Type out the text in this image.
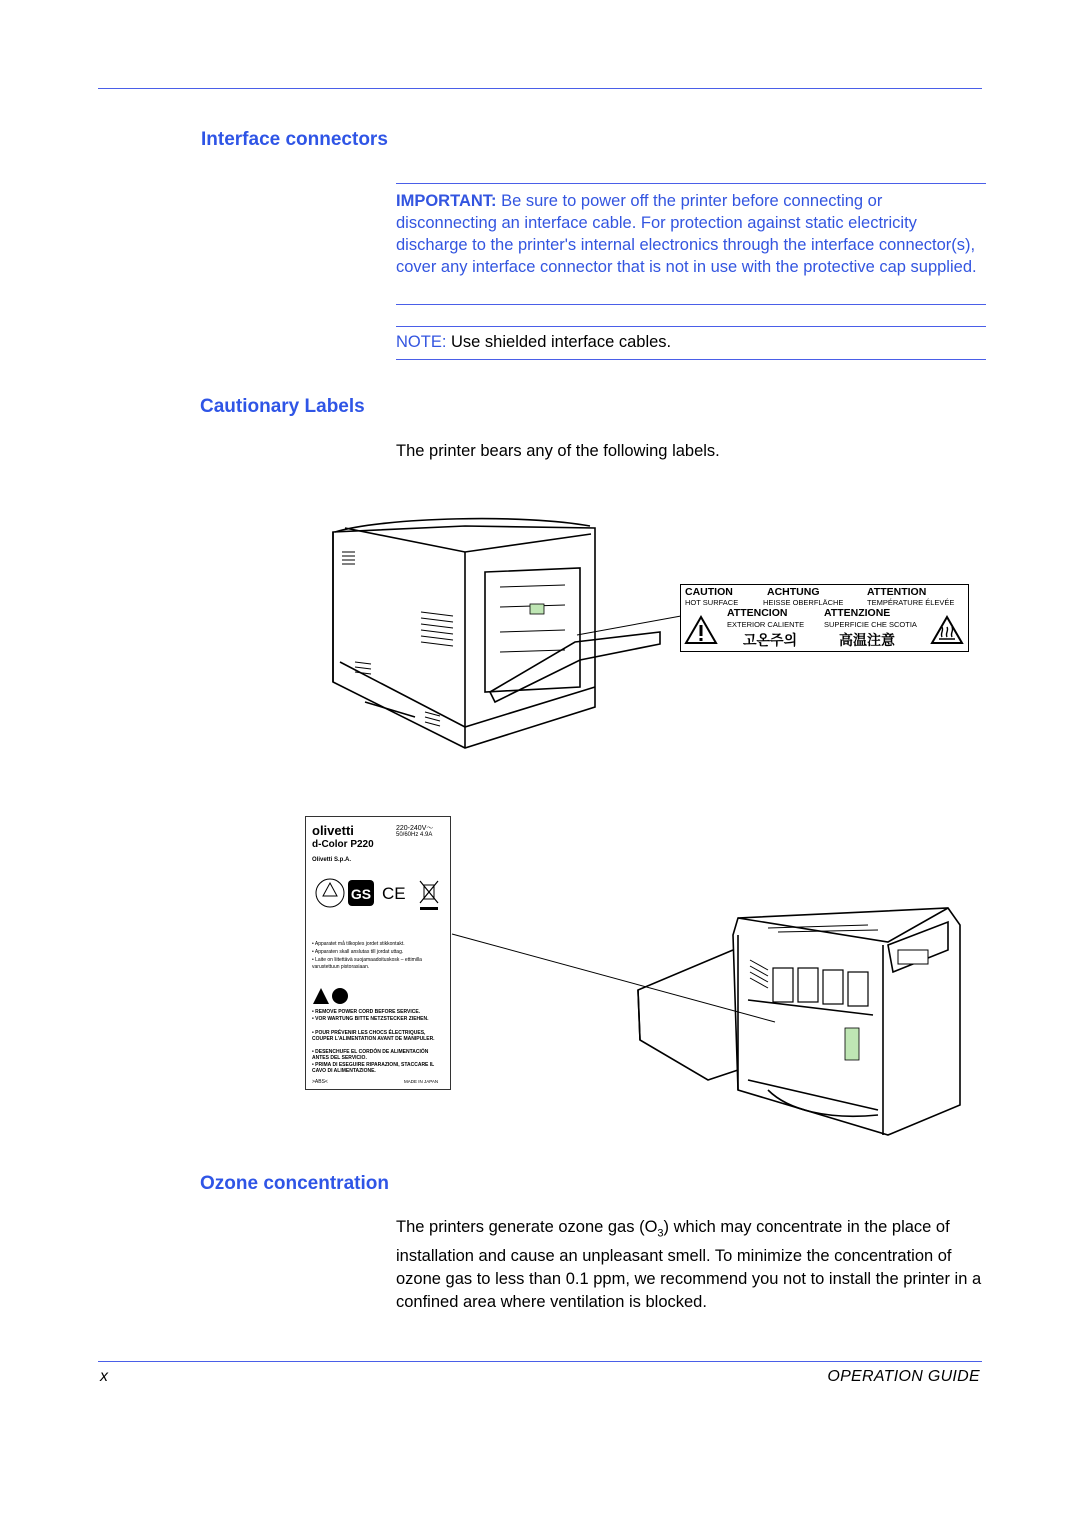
Interface connectors
IMPORTANT: Be sure to power off the printer before connecting or disconnecting an interface cable. For protection against static electricity discharge to the printer's internal electronics through the interface connector(s), cover any interface connector that is not in use with the protective cap supplied.
NOTE: Use shielded interface cables.
Cautionary Labels
The printer bears any of the following labels.
CAUTION	ACHTUNG	ATTENTION
HOT SURFACE	HEISSE OBERFLÄCHE	TEMPÉRATURE ÉLEVÉE
ATTENCION	ATTENZIONE
EXTERIOR CALIENTE	SUPERFICIE CHE SCOTIA
고온주의	高温注意
olivetti	220-240V～
50/60Hz 4.9A
d-Color P220
Olivetti S.p.A.
GS CE
• Apparatet må tilkoples jordet stikkontakt.
• Apparaten skall anslutas till jordat uttag.
• Laite on liitettävä suojamaadoituskosk – ettimilla varustettuun pistorasiaan.
• REMOVE POWER CORD BEFORE SERVICE.
• VOR WARTUNG BITTE NETZSTECKER ZIEHEN.
• POUR PRÉVENIR LES CHOCS ÉLECTRIQUES, COUPER L'ALIMENTATION AVANT DE MANIPULER.
• DESENCHUFE EL CORDÓN DE ALIMENTACIÓN ANTES DEL SERVICIO.
• PRIMA DI ESEGUIRE RIPARAZIONI, STACCARE IL CAVO DI ALIMENTAZIONE.
>ABS<	MADE IN JAPAN
Ozone concentration
The printers generate ozone gas $(O_3)$ which may concentrate in the place of installation and cause an unpleasant smell. To minimize the concentration of ozone gas to less than 0.1 ppm, we recommend you not to install the printer in a confined area where ventilation is blocked.
x	OPERATION GUIDE
